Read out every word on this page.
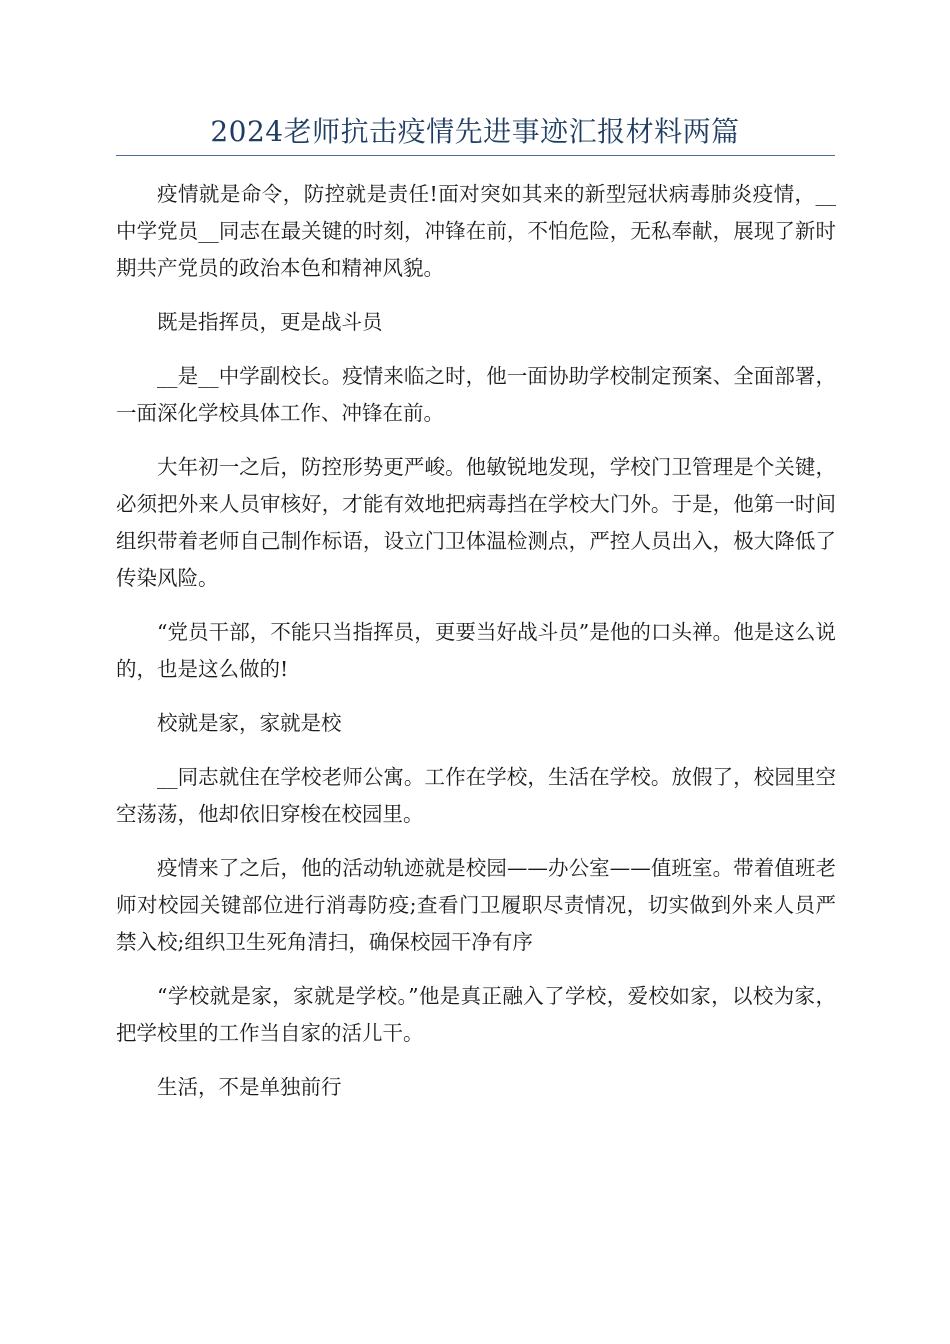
2024老师抗击疫情先进事迹汇报材料两篇

疫情就是命令，防控就是责任!面对突如其来的新型冠状病毒肺炎疫情，__中学党员__同志在最关键的时刻，冲锋在前，不怕危险，无私奉献，展现了新时期共产党员的政治本色和精神风貌。

既是指挥员，更是战斗员

__是__中学副校长。疫情来临之时，他一面协助学校制定预案、全面部署，一面深化学校具体工作、冲锋在前。

大年初一之后，防控形势更严峻。他敏锐地发现，学校门卫管理是个关键，必须把外来人员审核好，才能有效地把病毒挡在学校大门外。于是，他第一时间组织带着老师自己制作标语，设立门卫体温检测点，严控人员出入，极大降低了传染风险。

“党员干部，不能只当指挥员，更要当好战斗员”是他的口头禅。他是这么说的，也是这么做的!

校就是家，家就是校

__同志就住在学校老师公寓。工作在学校，生活在学校。放假了，校园里空空荡荡，他却依旧穿梭在校园里。

疫情来了之后，他的活动轨迹就是校园——办公室——值班室。带着值班老师对校园关键部位进行消毒防疫;查看门卫履职尽责情况，切实做到外来人员严禁入校;组织卫生死角清扫，确保校园干净有序

“学校就是家，家就是学校。”他是真正融入了学校，爱校如家，以校为家，把学校里的工作当自家的活儿干。

生活，不是单独前行
